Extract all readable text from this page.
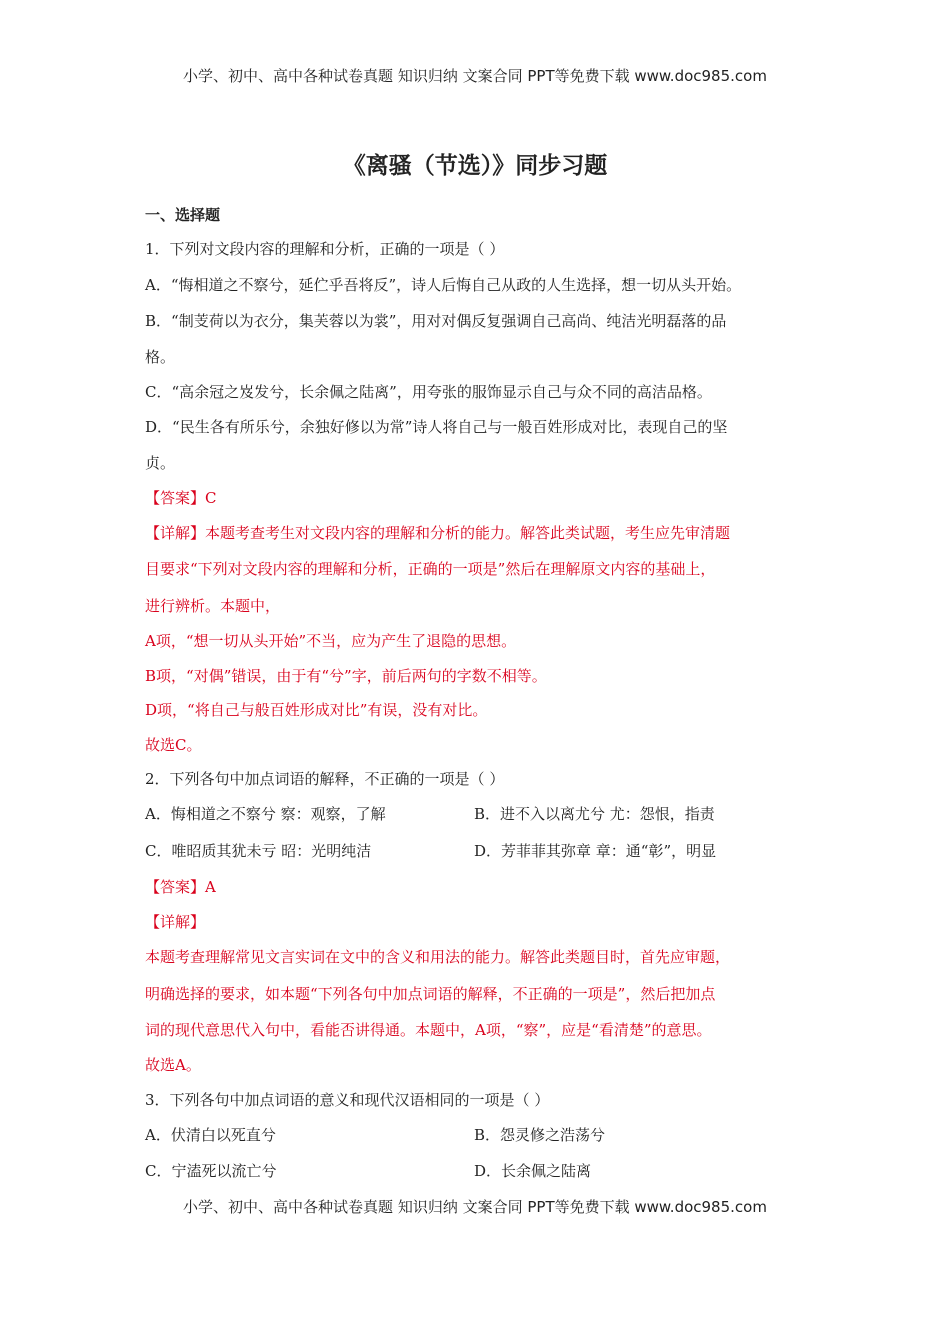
小学、初中、高中各种试卷真题 知识归纳 文案合同 PPT等免费下载 www.doc985.com
《离骚（节选）》同步习题
一、选择题
1．下列对文段内容的理解和分析，正确的一项是（ ）
A．“悔相道之不察兮，延伫乎吾将反”，诗人后悔自己从政的人生选择，想一切从头开始。
B．“制芰荷以为衣分，集芙蓉以为裳”，用对对偶反复强调自己高尚、纯洁光明磊落的品
格。
C．“高余冠之岌发兮，长余佩之陆离”，用夸张的服饰显示自己与众不同的高洁品格。
D．“民生各有所乐兮，余独好修以为常”诗人将自己与一般百姓形成对比，表现自己的坚
贞。
【答案】C
【详解】本题考查考生对文段内容的理解和分析的能力。解答此类试题，考生应先审清题
目要求“下列对文段内容的理解和分析，正确的一项是”然后在理解原文内容的基础上，
进行辨析。本题中，
A项，“想一切从头开始”不当，应为产生了退隐的思想。
B项，“对偶”错误，由于有“兮”字，前后两句的字数不相等。
D项，“将自己与般百姓形成对比”有误，没有对比。
故选C。
2．下列各句中加点词语的解释，不正确的一项是（ ）
A．悔相道之不察兮 察：观察，了解	B．进不入以离尤兮 尤：怨恨，指责
C．唯昭质其犹未亏 昭：光明纯洁	D．芳菲菲其弥章 章：通“彰”，明显
【答案】A
【详解】
本题考查理解常见文言实词在文中的含义和用法的能力。解答此类题目时，首先应审题，
明确选择的要求，如本题“下列各句中加点词语的解释，不正确的一项是”，然后把加点
词的现代意思代入句中，看能否讲得通。本题中，A项，“察”，应是“看清楚”的意思。
故选A。
3．下列各句中加点词语的意义和现代汉语相同的一项是（ ）
A．伏清白以死直兮	B．怨灵修之浩荡兮
C．宁溘死以流亡兮	D．长余佩之陆离
小学、初中、高中各种试卷真题 知识归纳 文案合同 PPT等免费下载 www.doc985.com
